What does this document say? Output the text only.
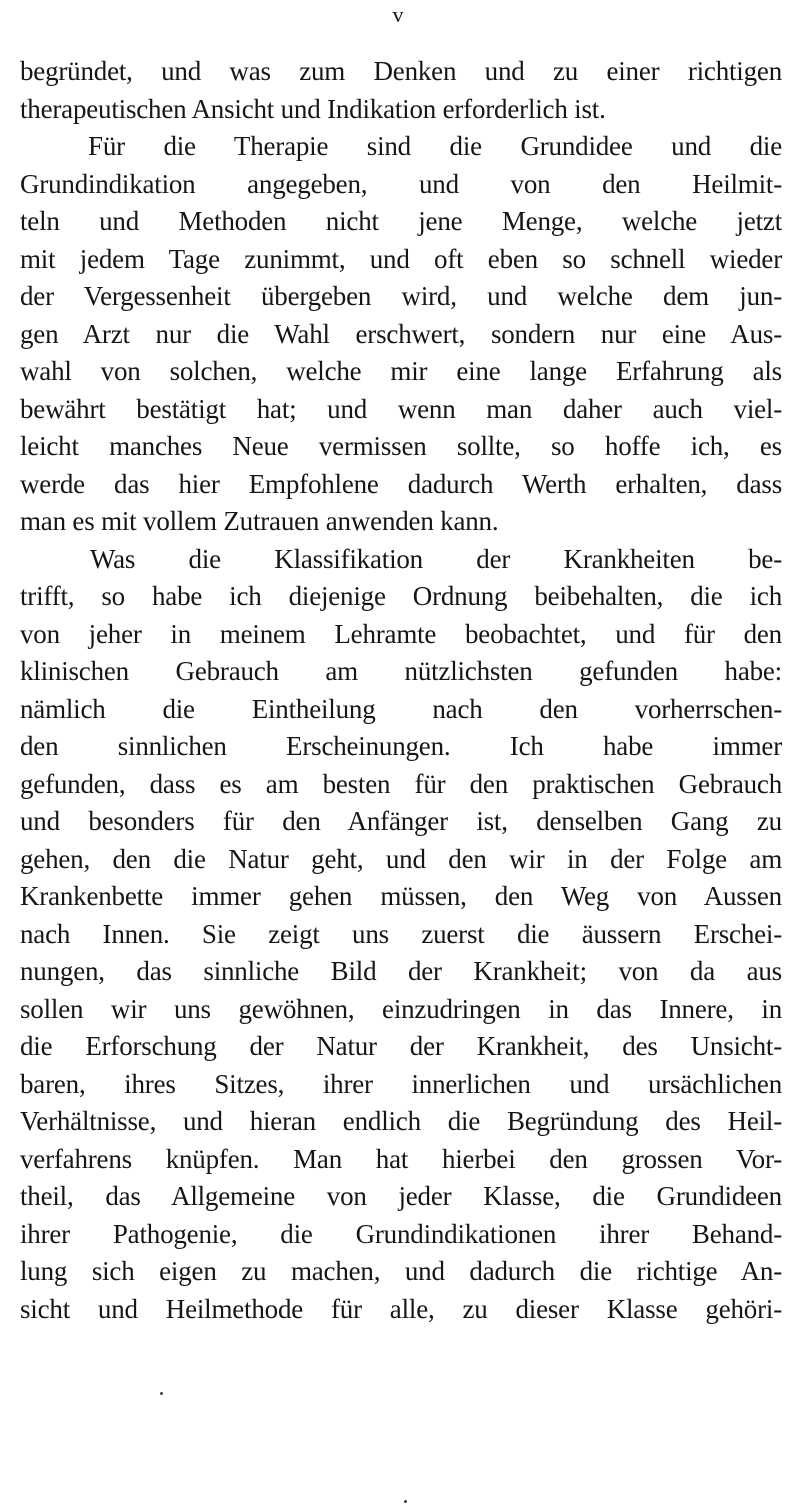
v
begründet, und was zum Denken und zu einer richtigen
therapeutischen Ansicht und Indikation erforderlich ist.
Für die Therapie sind die Grundidee und die
Grundindikation angegeben, und von den Heilmit-
teln und Methoden nicht jene Menge, welche jetzt
mit jedem Tage zunimmt, und oft eben so schnell wieder
der Vergessenheit übergeben wird, und welche dem jun-
gen Arzt nur die Wahl erschwert, sondern nur eine Aus-
wahl von solchen, welche mir eine lange Erfahrung als
bewährt bestätigt hat; und wenn man daher auch viel-
leicht manches Neue vermissen sollte, so hoffe ich, es
werde das hier Empfohlene dadurch Werth erhalten, dass
man es mit vollem Zutrauen anwenden kann.
Was die Klassifikation der Krankheiten be-
trifft, so habe ich diejenige Ordnung beibehalten, die ich
von jeher in meinem Lehramte beobachtet, und für den
klinischen Gebrauch am nützlichsten gefunden habe:
nämlich die Eintheilung nach den vorherrschen-
den sinnlichen Erscheinungen. Ich habe immer
gefunden, dass es am besten für den praktischen Gebrauch
und besonders für den Anfänger ist, denselben Gang zu
gehen, den die Natur geht, und den wir in der Folge am
Krankenbette immer gehen müssen, den Weg von Aussen
nach Innen. Sie zeigt uns zuerst die äussern Erschei-
nungen, das sinnliche Bild der Krankheit; von da aus
sollen wir uns gewöhnen, einzudringen in das Innere, in
die Erforschung der Natur der Krankheit, des Unsicht-
baren, ihres Sitzes, ihrer innerlichen und ursächlichen
Verhältnisse, und hieran endlich die Begründung des Heil-
verfahrens knüpfen. Man hat hierbei den grossen Vor-
theil, das Allgemeine von jeder Klasse, die Grundideen
ihrer Pathogenie, die Grundindikationen ihrer Behand-
lung sich eigen zu machen, und dadurch die richtige An-
sicht und Heilmethode für alle, zu dieser Klasse gehöri-
